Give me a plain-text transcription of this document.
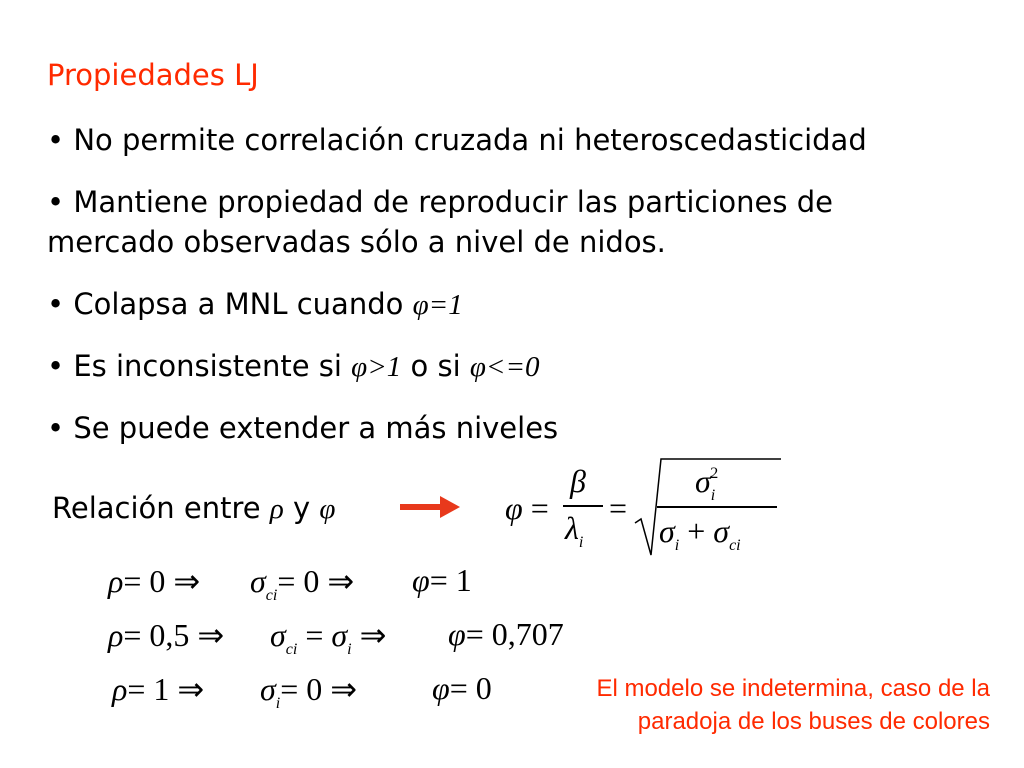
Propiedades LJ
• No permite correlación cruzada ni heteroscedasticidad
• Mantiene propiedad de reproducir las particiones de
mercado observadas sólo a nivel de nidos.
• Colapsa a MNL cuando φ=1
• Es inconsistente si φ>1 o si φ<=0
• Se puede extender a más niveles
Relación entre ρ y φ	φ =
β
$\lambda_i$
=
$\sigma_i^2$
$\sigma_i + \sigma_{ci}$
ρ= 0 ⇒ $\sigma_{ci}= 0$ ⇒ φ= 1
ρ= 0,5 ⇒ $\sigma_{ci} = \sigma_i$ ⇒ φ= 0,707
ρ= 1 ⇒ $\sigma_i= 0$ ⇒ φ= 0	El modelo se indetermina, caso de la paradoja de los buses de colores
